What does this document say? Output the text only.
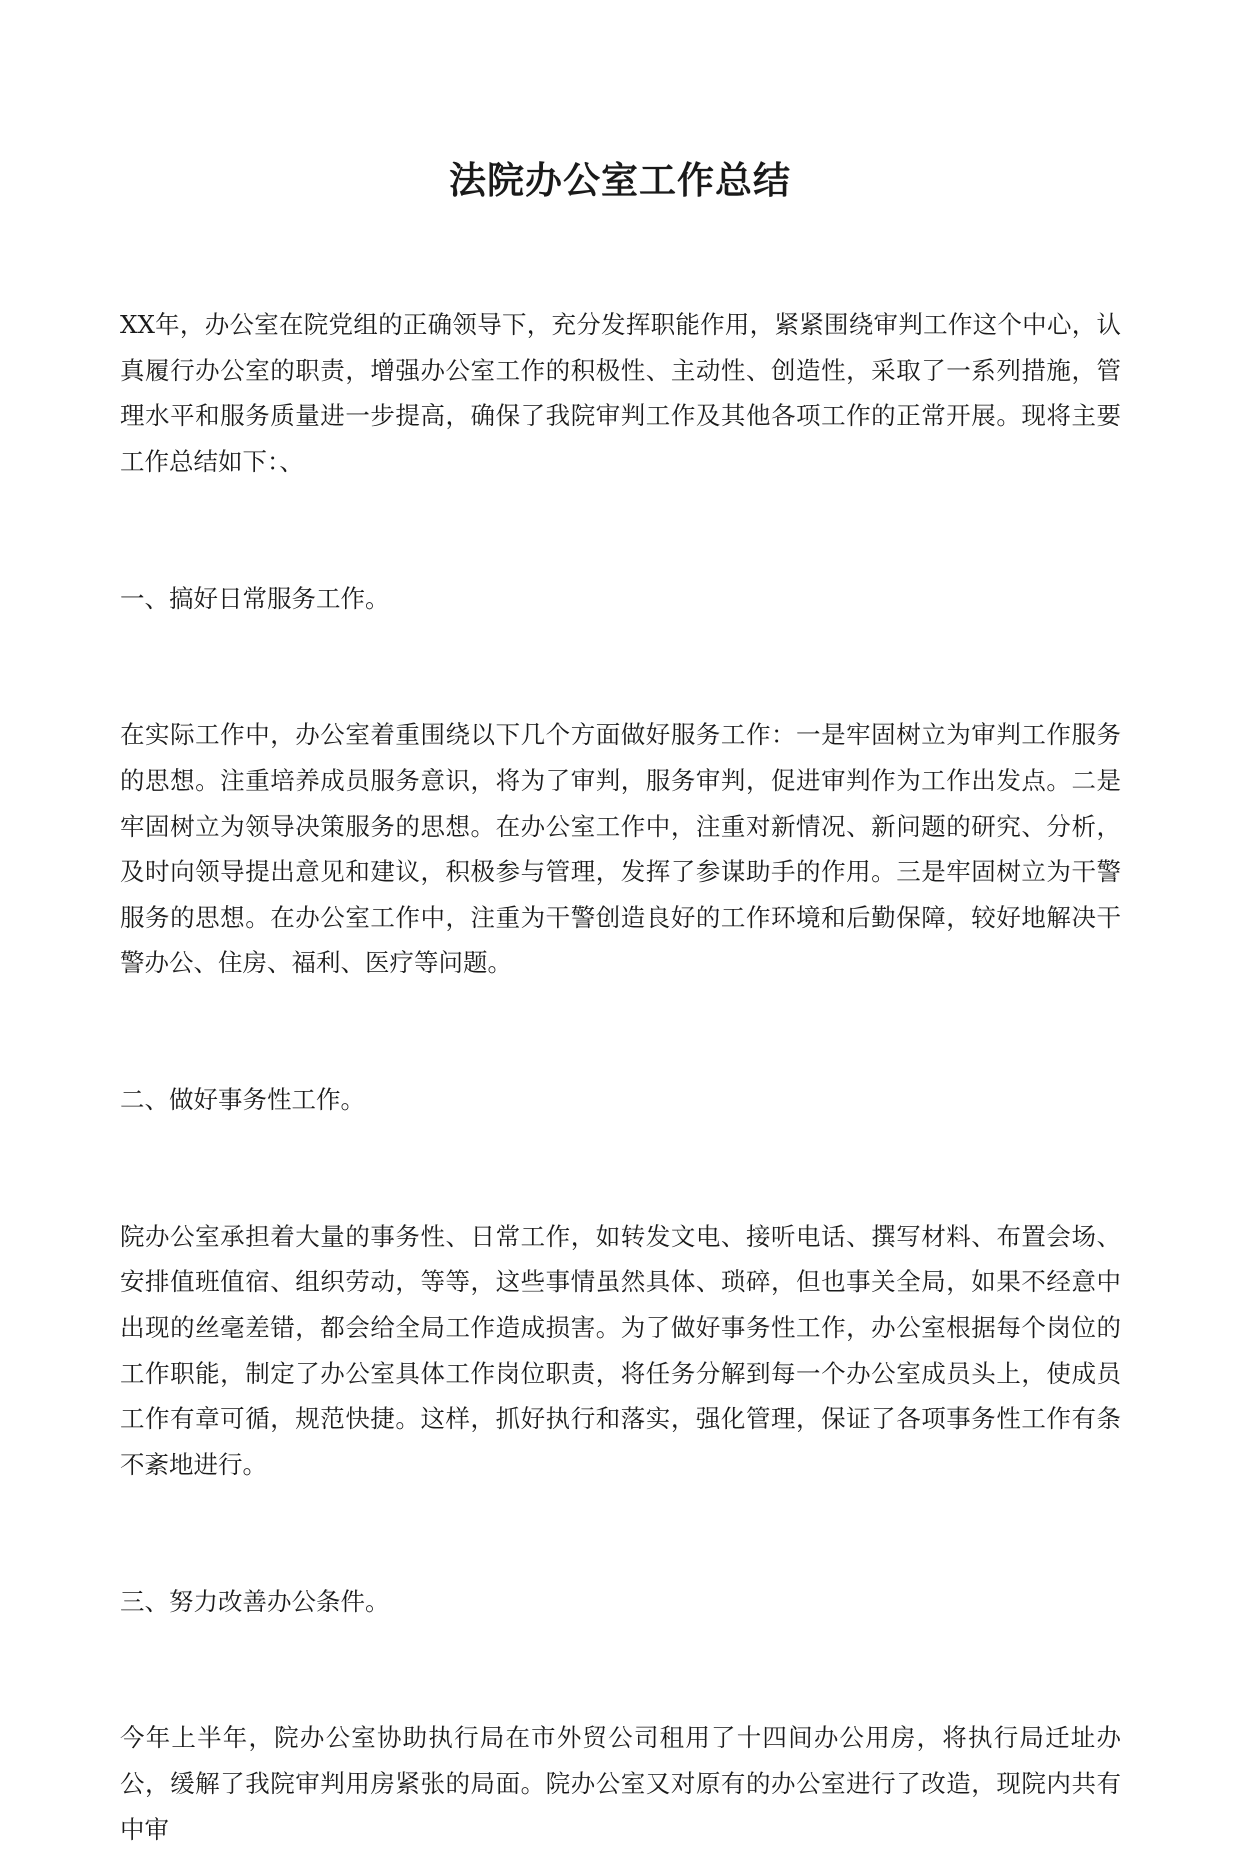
法院办公室工作总结

XX年，办公室在院党组的正确领导下，充分发挥职能作用，紧紧围绕审判工作这个中心，认真履行办公室的职责，增强办公室工作的积极性、主动性、创造性，采取了一系列措施，管理水平和服务质量进一步提高，确保了我院审判工作及其他各项工作的正常开展。现将主要工作总结如下：、

一、搞好日常服务工作。

在实际工作中，办公室着重围绕以下几个方面做好服务工作：一是牢固树立为审判工作服务的思想。注重培养成员服务意识，将为了审判，服务审判，促进审判作为工作出发点。二是牢固树立为领导决策服务的思想。在办公室工作中，注重对新情况、新问题的研究、分析，及时向领导提出意见和建议，积极参与管理，发挥了参谋助手的作用。三是牢固树立为干警服务的思想。在办公室工作中，注重为干警创造良好的工作环境和后勤保障，较好地解决干警办公、住房、福利、医疗等问题。

二、做好事务性工作。

院办公室承担着大量的事务性、日常工作，如转发文电、接听电话、撰写材料、布置会场、安排值班值宿、组织劳动，等等，这些事情虽然具体、琐碎，但也事关全局，如果不经意中出现的丝毫差错，都会给全局工作造成损害。为了做好事务性工作，办公室根据每个岗位的工作职能，制定了办公室具体工作岗位职责，将任务分解到每一个办公室成员头上，使成员工作有章可循，规范快捷。这样，抓好执行和落实，强化管理，保证了各项事务性工作有条不紊地进行。

三、努力改善办公条件。

今年上半年，院办公室协助执行局在市外贸公司租用了十四间办公用房，将执行局迁址办公，缓解了我院审判用房紧张的局面。院办公室又对原有的办公室进行了改造，现院内共有中审
